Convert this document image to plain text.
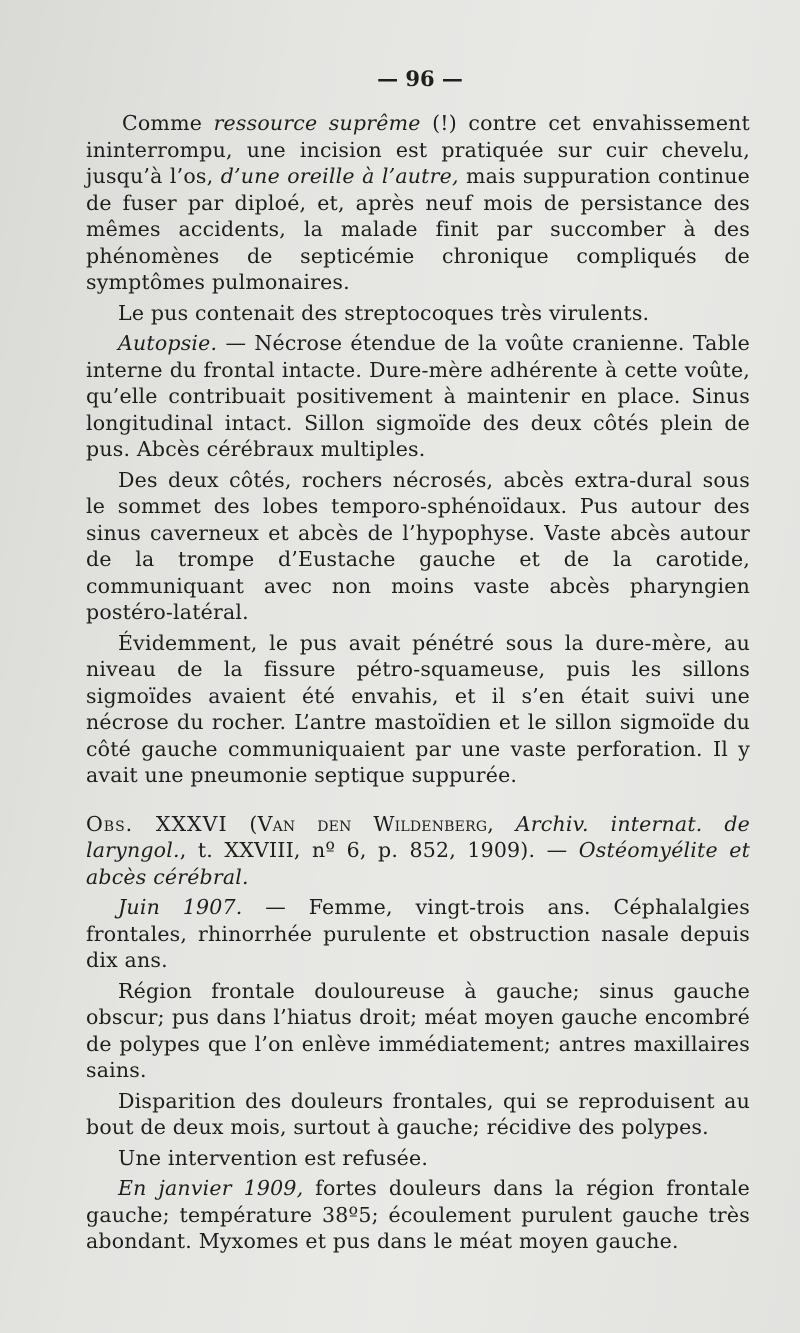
— 96 —

Comme ressource suprême (!) contre cet envahissement ininterrompu, une incision est pratiquée sur cuir chevelu, jusqu’à l’os, d’une oreille à l’autre, mais suppuration continue de fuser par diploé, et, après neuf mois de persistance des mêmes accidents, la malade finit par succomber à des phénomènes de septicémie chronique compliqués de symptômes pulmonaires.

Le pus contenait des streptocoques très virulents.

Autopsie. — Nécrose étendue de la voûte cranienne. Table interne du frontal intacte. Dure-mère adhérente à cette voûte, qu’elle contribuait positivement à maintenir en place. Sinus longitudinal intact. Sillon sigmoïde des deux côtés plein de pus. Abcès cérébraux multiples.

Des deux côtés, rochers nécrosés, abcès extra-dural sous le sommet des lobes temporo-sphénoïdaux. Pus autour des sinus caverneux et abcès de l’hypophyse. Vaste abcès autour de la trompe d’Eustache gauche et de la carotide, communiquant avec non moins vaste abcès pharyngien postéro-latéral.

Évidemment, le pus avait pénétré sous la dure-mère, au niveau de la fissure pétro-squameuse, puis les sillons sigmoïdes avaient été envahis, et il s’en était suivi une nécrose du rocher. L’antre mastoïdien et le sillon sigmoïde du côté gauche communiquaient par une vaste perforation. Il y avait une pneumonie septique suppurée.

Obs. XXXVI (Van den Wildenberg, Archiv. internat. de laryngol., t. XXVIII, nº 6, p. 852, 1909). — Ostéomyélite et abcès cérébral.

Juin 1907. — Femme, vingt-trois ans. Céphalalgies frontales, rhinorrhée purulente et obstruction nasale depuis dix ans.

Région frontale douloureuse à gauche; sinus gauche obscur; pus dans l’hiatus droit; méat moyen gauche encombré de polypes que l’on enlève immédiatement; antres maxillaires sains.

Disparition des douleurs frontales, qui se reproduisent au bout de deux mois, surtout à gauche; récidive des polypes.

Une intervention est refusée.

En janvier 1909, fortes douleurs dans la région frontale gauche; température 38º5; écoulement purulent gauche très abondant. Myxomes et pus dans le méat moyen gauche.
